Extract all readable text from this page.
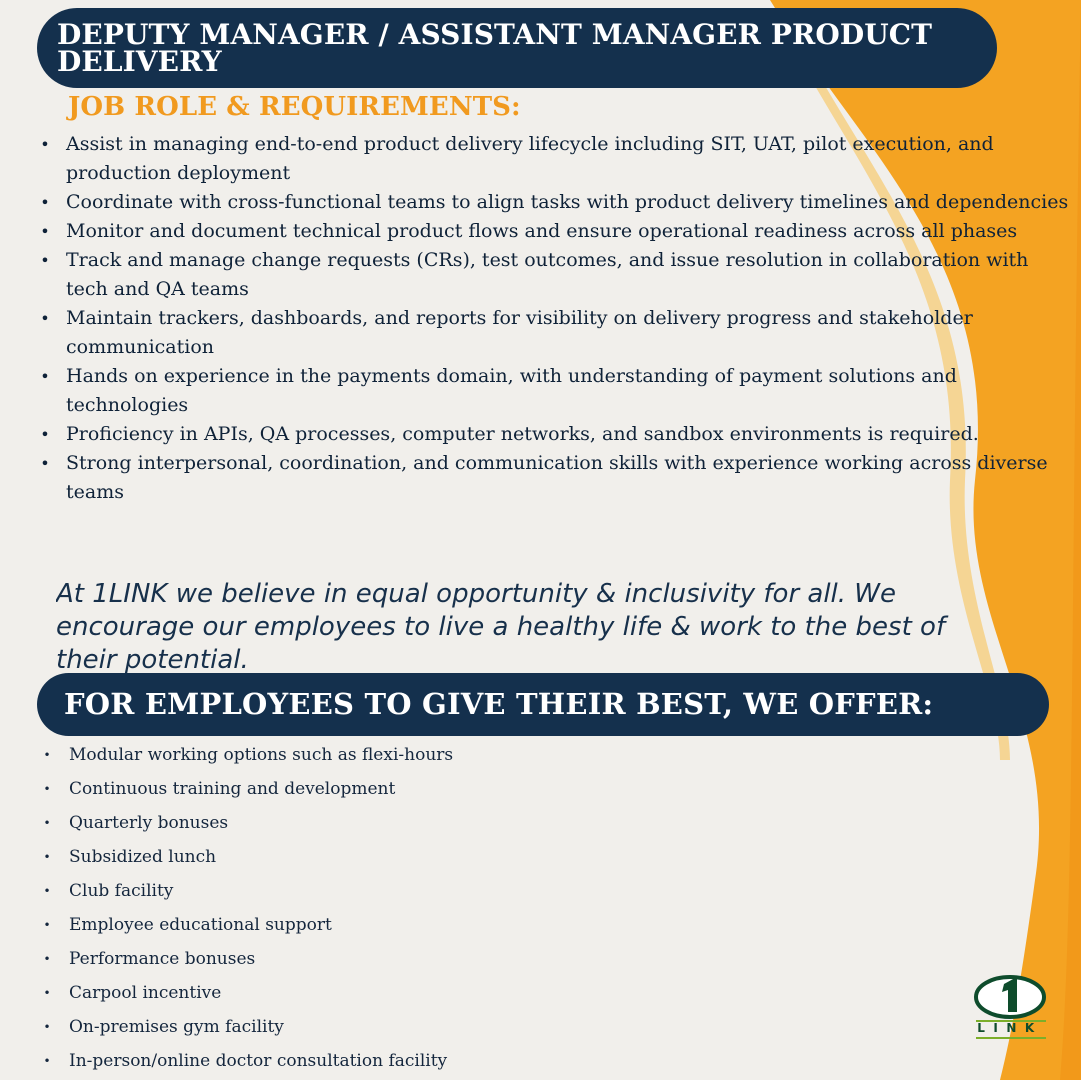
DEPUTY MANAGER / ASSISTANT MANAGER PRODUCT DELIVERY
JOB ROLE & REQUIREMENTS:
• Assist in managing end-to-end product delivery lifecycle including SIT, UAT, pilot execution, and production deployment
• Coordinate with cross-functional teams to align tasks with product delivery timelines and dependencies
• Monitor and document technical product flows and ensure operational readiness across all phases
• Track and manage change requests (CRs), test outcomes, and issue resolution in collaboration with tech and QA teams
• Maintain trackers, dashboards, and reports for visibility on delivery progress and stakeholder communication
• Hands on experience in the payments domain, with understanding of payment solutions and technologies
• Proficiency in APIs, QA processes, computer networks, and sandbox environments is required.
• Strong interpersonal, coordination, and communication skills with experience working across diverse teams
At 1LINK we believe in equal opportunity & inclusivity for all. We encourage our employees to live a healthy life & work to the best of their potential.
FOR EMPLOYEES TO GIVE THEIR BEST, WE OFFER:
• Modular working options such as flexi-hours
• Continuous training and development
• Quarterly bonuses
• Subsidized lunch
• Club facility
• Employee educational support
• Performance bonuses
• Carpool incentive
• On-premises gym facility
• In-person/online doctor consultation facility
LINK
